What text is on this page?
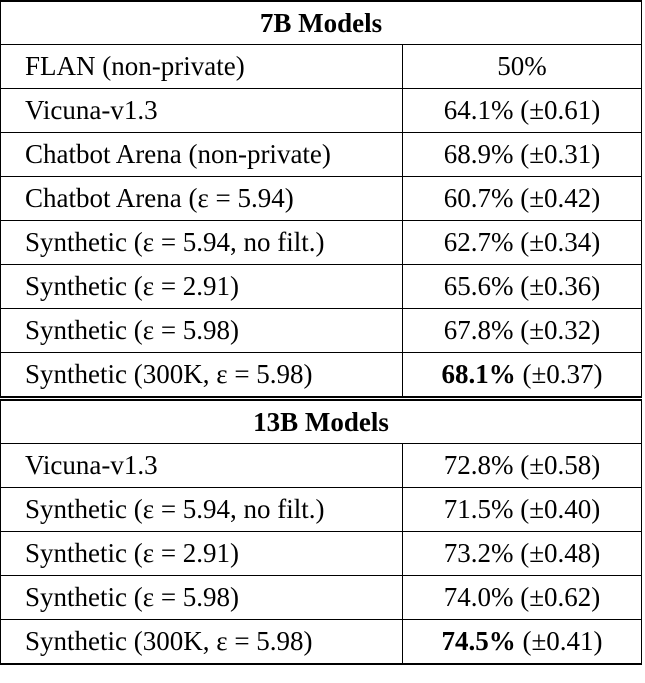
7B Models	
FLAN (non-private)	50%
Vicuna-v1.3	64.1% (±0.61)
Chatbot Arena (non-private)	68.9% (±0.31)
Chatbot Arena (ε = 5.94)	60.7% (±0.42)
Synthetic (ε = 5.94, no filt.)	62.7% (±0.34)
Synthetic (ε = 2.91)	65.6% (±0.36)
Synthetic (ε = 5.98)	67.8% (±0.32)
Synthetic (300K, ε = 5.98)	68.1% (±0.37)
13B Models	
Vicuna-v1.3	72.8% (±0.58)
Synthetic (ε = 5.94, no filt.)	71.5% (±0.40)
Synthetic (ε = 2.91)	73.2% (±0.48)
Synthetic (ε = 5.98)	74.0% (±0.62)
Synthetic (300K, ε = 5.98)	74.5% (±0.41)
